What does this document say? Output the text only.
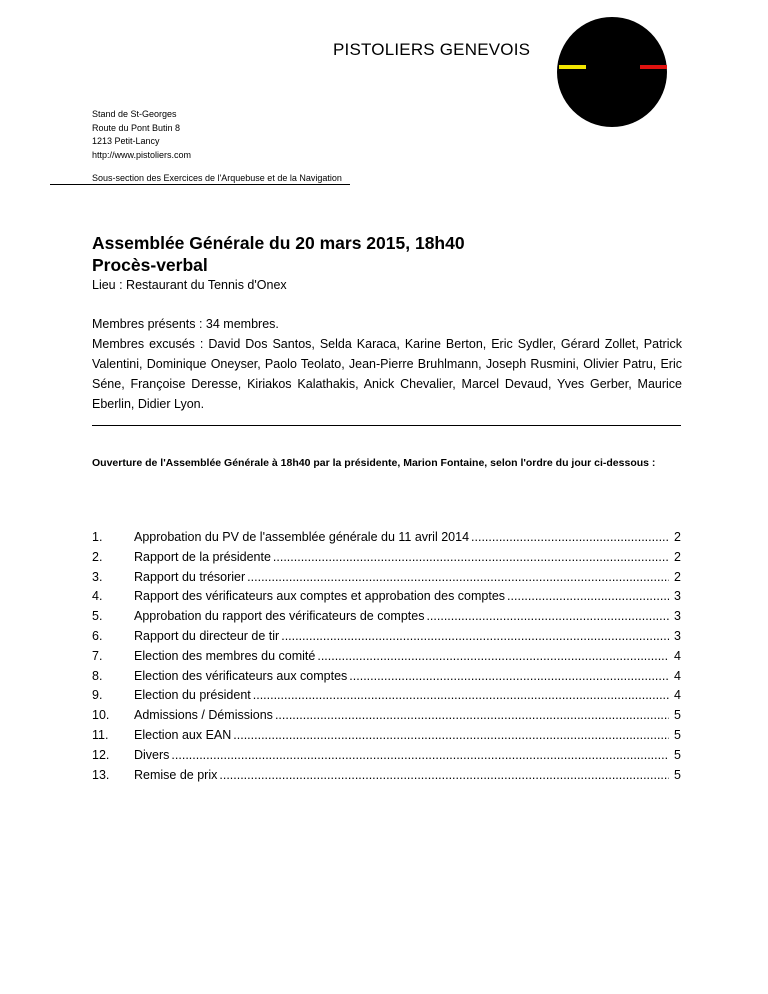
PISTOLIERS GENEVOIS
Stand de St-Georges
Route du Pont Butin 8
1213 Petit-Lancy
http://www.pistoliers.com
Sous-section des Exercices de l'Arquebuse et de la Navigation
Assemblée Générale du 20 mars 2015, 18h40
Procès-verbal
Lieu : Restaurant du Tennis d'Onex
Membres présents : 34 membres.
Membres excusés : David Dos Santos, Selda Karaca, Karine Berton, Eric Sydler, Gérard Zollet, Patrick Valentini, Dominique Oneyser, Paolo Teolato, Jean-Pierre Bruhlmann, Joseph Rusmini, Olivier Patru, Eric Séne, Françoise Deresse, Kiriakos Kalathakis, Anick Chevalier, Marcel Devaud, Yves Gerber, Maurice Eberlin, Didier Lyon.
Ouverture de l'Assemblée Générale à 18h40 par la présidente, Marion Fontaine, selon l'ordre du jour ci-dessous :
1.	Approbation du PV de l'assemblée générale du 11 avril 2014 .....	2
2.	Rapport de la présidente .....	2
3.	Rapport du trésorier .....	2
4.	Rapport des vérificateurs aux comptes et approbation des comptes .....	3
5.	Approbation du rapport des vérificateurs de comptes .....	3
6.	Rapport du directeur de tir .....	3
7.	Election des membres du comité .....	4
8.	Election des vérificateurs aux comptes .....	4
9.	Election du président .....	4
10.	Admissions / Démissions .....	5
11.	Election aux EAN .....	5
12.	Divers .....	5
13.	Remise de prix .....	5
